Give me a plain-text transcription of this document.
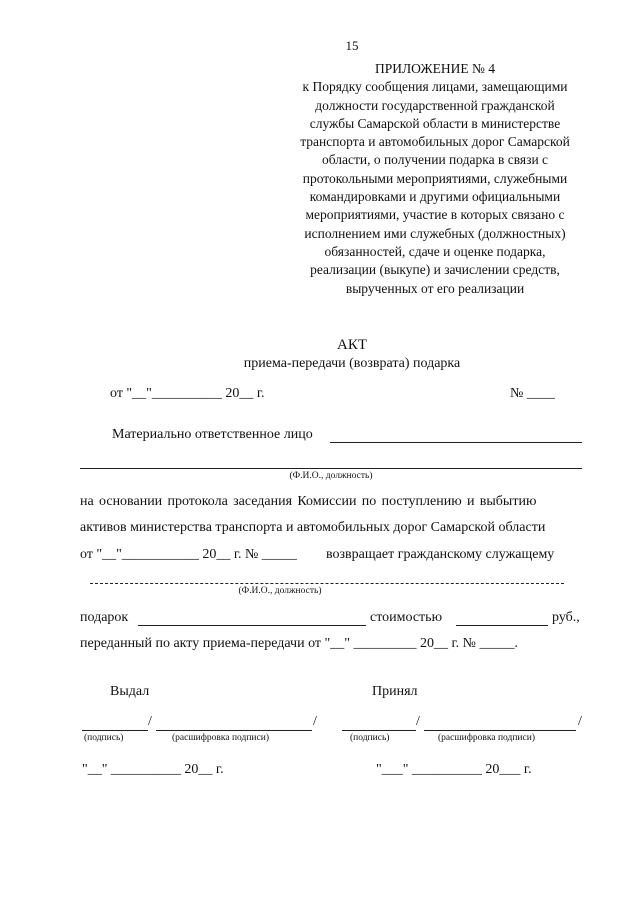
15
ПРИЛОЖЕНИЕ № 4
к Порядку сообщения лицами, замещающими
должности государственной гражданской
службы Самарской области в министерстве
транспорта и автомобильных дорог Самарской
области, о получении подарка в связи с
протокольными мероприятиями, служебными
командировками и другими официальными
мероприятиями, участие в которых связано с
исполнением ими служебных (должностных)
обязанностей, сдаче и оценке подарка,
реализации (выкупе) и зачислении средств,
вырученных от его реализации
АКТ
приема-передачи (возврата) подарка
от "__"__________ 20__ г.	№ ____
Материально ответственное лицо
(Ф.И.О., должность)
на основании протокола заседания Комиссии по поступлению и выбытию
активов министерства транспорта и автомобильных дорог Самарской области
от "__"___________ 20__ г. № _____ возвращает гражданскому служащему
(Ф.И.О., должность)
подарок	стоимостью	руб.,
переданный по акту приема-передачи от "__" _________ 20__ г. № _____.
Выдал	Принял
/	/	/	/
(подпись)	(расшифровка подписи)	(подпись)	(расшифровка подписи)
"__" __________ 20__ г.	"___" __________ 20___ г.
